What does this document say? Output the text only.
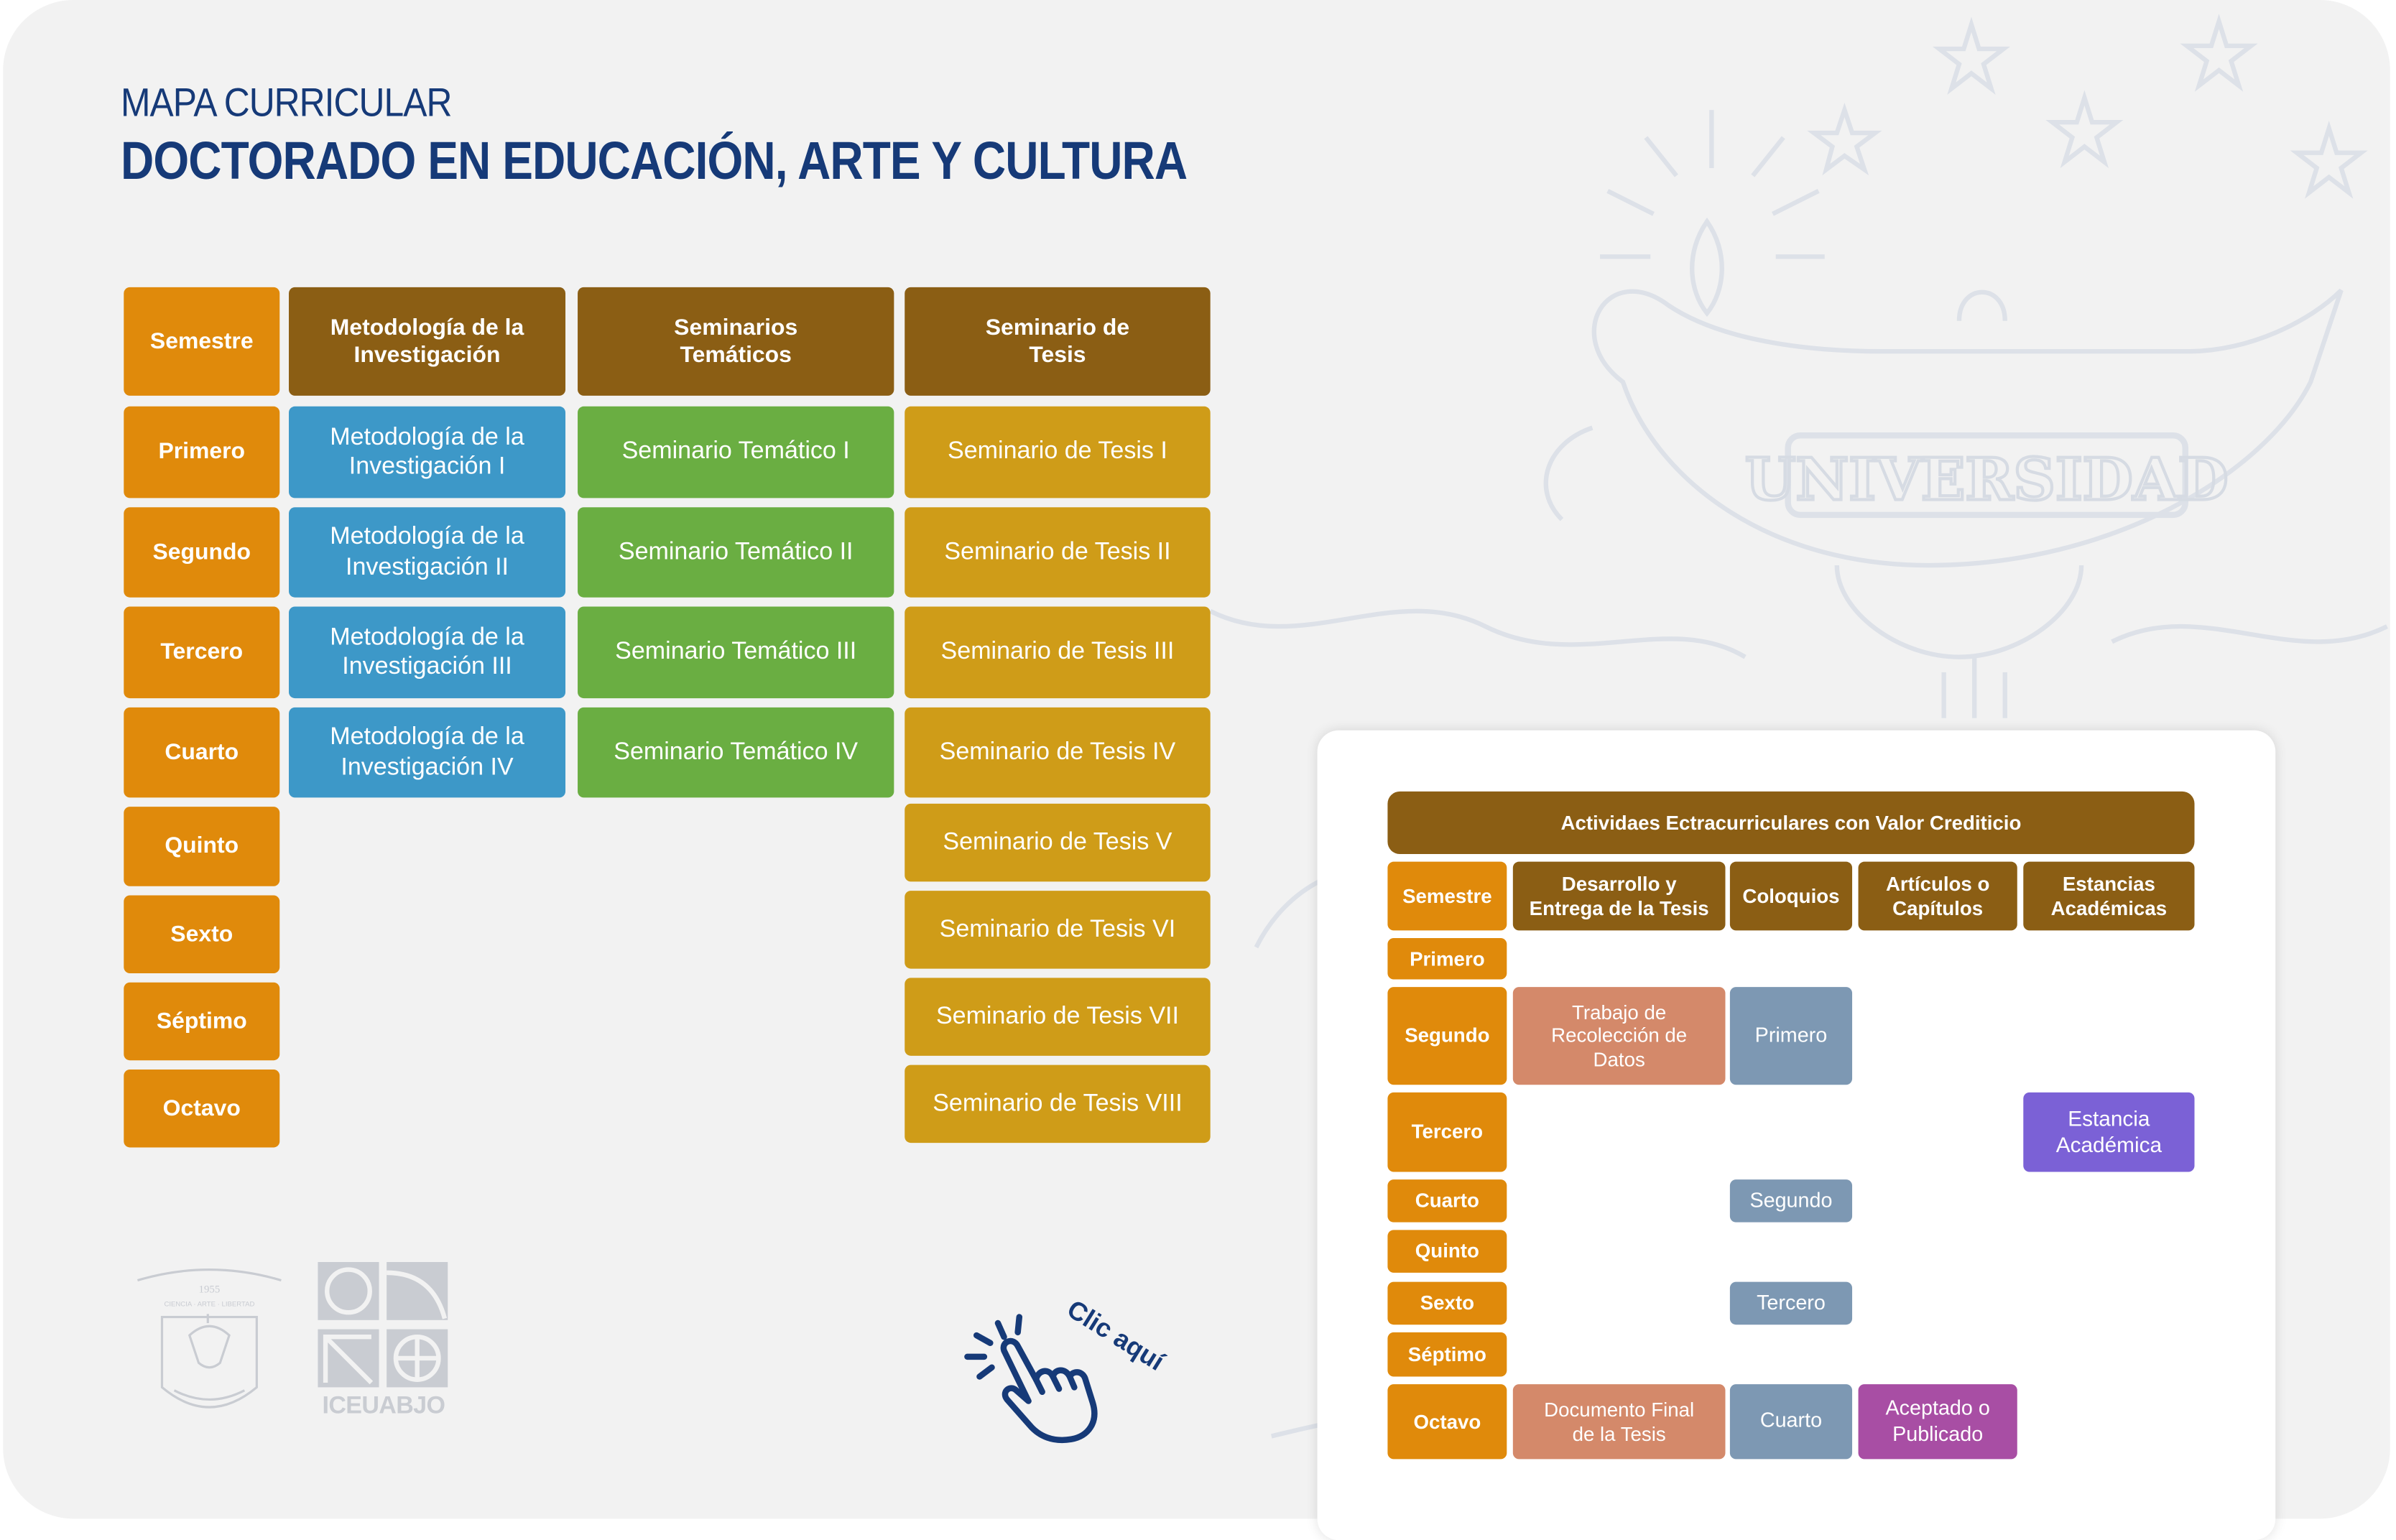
UNIVERSIDAD
MAPA CURRICULAR
DOCTORADO EN EDUCACIÓN, ARTE Y CULTURA
Semestre
Metodología de la Investigación
Seminarios Temáticos
Seminario de Tesis
Primero
Segundo
Tercero
Cuarto
Quinto
Sexto
Séptimo
Octavo
Metodología de la Investigación I
Metodología de la Investigación II
Metodología de la Investigación III
Metodología de la Investigación IV
Seminario Temático I
Seminario Temático II
Seminario Temático III
Seminario Temático IV
Seminario de Tesis I
Seminario de Tesis II
Seminario de Tesis III
Seminario de Tesis IV
Seminario de Tesis V
Seminario de Tesis VI
Seminario de Tesis VII
Seminario de Tesis VIII
1955
CIENCIA · ARTE · LIBERTAD
ICEUABJO
Clic aquí
Actividaes Ectracurriculares con Valor Crediticio
Semestre
Desarrollo y Entrega de la Tesis
Coloquios
Artículos o Capítulos
Estancias Académicas
Primero
Segundo
Tercero
Cuarto
Quinto
Sexto
Séptimo
Octavo
Trabajo de Recolección de Datos
Documento Final de la Tesis
Primero
Segundo
Tercero
Cuarto
Aceptado o Publicado
Estancia Académica
